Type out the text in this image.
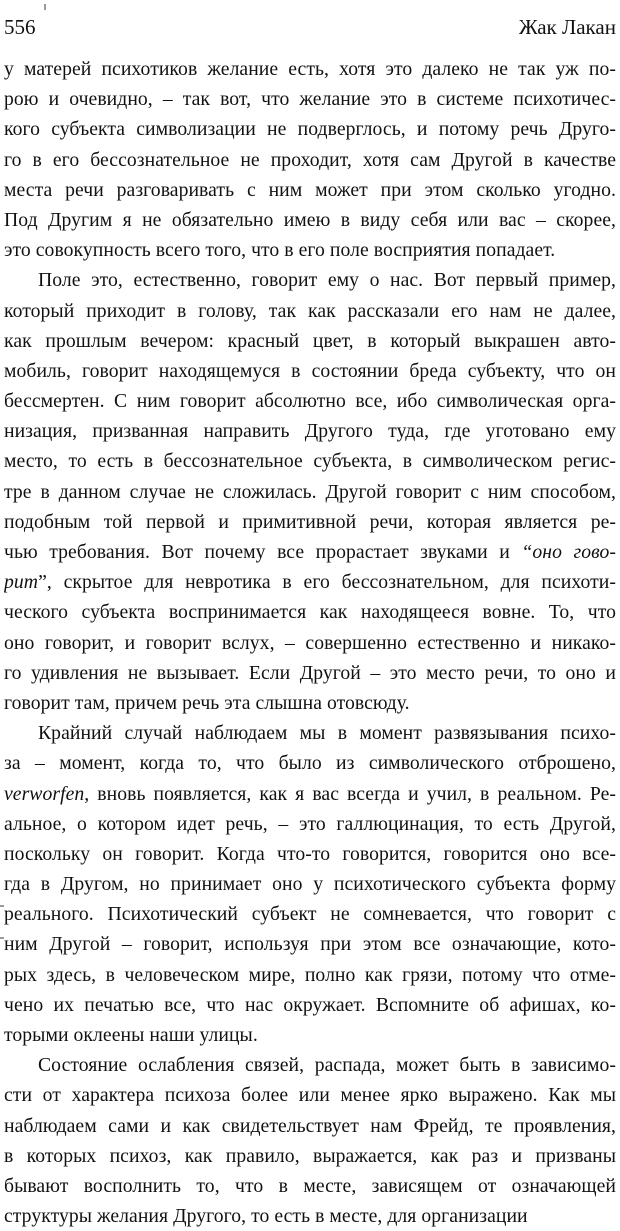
556	Жак Лакан
у матерей психотиков желание есть, хотя это далеко не так уж по-
рою и очевидно, – так вот, что желание это в системе психотичес-
кого субъекта символизации не подверглось, и потому речь Друго-
го в его бессознательное не проходит, хотя сам Другой в качестве
места речи разговаривать с ним может при этом сколько угодно.
Под Другим я не обязательно имею в виду себя или вас – скорее,
это совокупность всего того, что в его поле восприятия попадает.
Поле это, естественно, говорит ему о нас. Вот первый пример,
который приходит в голову, так как рассказали его нам не далее,
как прошлым вечером: красный цвет, в который выкрашен авто-
мобиль, говорит находящемуся в состоянии бреда субъекту, что он
бессмертен. С ним говорит абсолютно все, ибо символическая орга-
низация, призванная направить Другого туда, где уготовано ему
место, то есть в бессознательное субъекта, в символическом регис-
тре в данном случае не сложилась. Другой говорит с ним способом,
подобным той первой и примитивной речи, которая является ре-
чью требования. Вот почему все прорастает звуками и “оно гово-
рит”, скрытое для невротика в его бессознательном, для психоти-
ческого субъекта воспринимается как находящееся вовне. То, что
оно говорит, и говорит вслух, – совершенно естественно и никако-
го удивления не вызывает. Если Другой – это место речи, то оно и
говорит там, причем речь эта слышна отовсюду.
Крайний случай наблюдаем мы в момент развязывания психо-
за – момент, когда то, что было из символического отброшено,
verworfen, вновь появляется, как я вас всегда и учил, в реальном. Ре-
альное, о котором идет речь, – это галлюцинация, то есть Другой,
поскольку он говорит. Когда что-то говорится, говорится оно все-
гда в Другом, но принимает оно у психотического субъекта форму
реального. Психотический субъект не сомневается, что говорит с
ним Другой – говорит, используя при этом все означающие, кото-
рых здесь, в человеческом мире, полно как грязи, потому что отме-
чено их печатью все, что нас окружает. Вспомните об афишах, ко-
торыми оклеены наши улицы.
Состояние ослабления связей, распада, может быть в зависимо-
сти от характера психоза более или менее ярко выражено. Как мы
наблюдаем сами и как свидетельствует нам Фрейд, те проявления,
в которых психоз, как правило, выражается, как раз и призваны
бывают восполнить то, что в месте, зависящем от означающей
структуры желания Другого, то есть в месте, для организации
